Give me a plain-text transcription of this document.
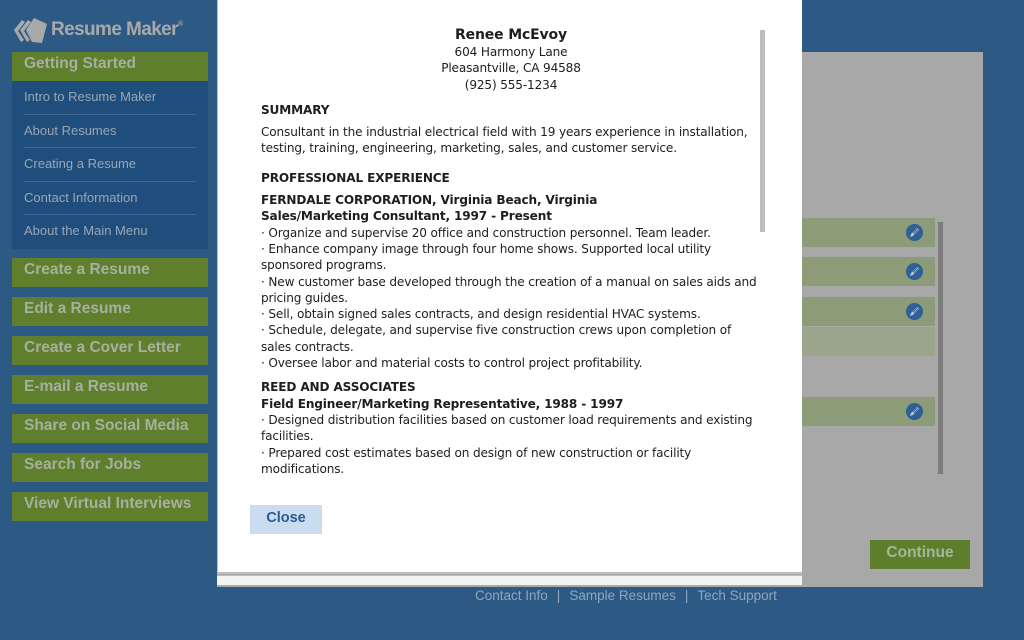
Resume Maker®
Getting Started
Intro to Resume Maker
About Resumes
Creating a Resume
Contact Information
About the Main Menu
Create a Resume
Edit a Resume
Create a Cover Letter
E-mail a Resume
Share on Social Media
Search for Jobs
View Virtual Interviews
Continue
Contact Info | Sample Resumes | Tech Support
Renee McEvoy
604 Harmony Lane
Pleasantville, CA 94588
(925) 555-1234
SUMMARY
Consultant in the industrial electrical field with 19 years experience in installation, testing, training, engineering, marketing, sales, and customer service.
PROFESSIONAL EXPERIENCE
FERNDALE CORPORATION, Virginia Beach, Virginia
Sales/Marketing Consultant, 1997 - Present
· Organize and supervise 20 office and construction personnel. Team leader.
· Enhance company image through four home shows. Supported local utility sponsored programs.
· New customer base developed through the creation of a manual on sales aids and pricing guides.
· Sell, obtain signed sales contracts, and design residential HVAC systems.
· Schedule, delegate, and supervise five construction crews upon completion of sales contracts.
· Oversee labor and material costs to control project profitability.
REED AND ASSOCIATES
Field Engineer/Marketing Representative, 1988 - 1997
· Designed distribution facilities based on customer load requirements and existing facilities.
· Prepared cost estimates based on design of new construction or facility modifications.
Close
